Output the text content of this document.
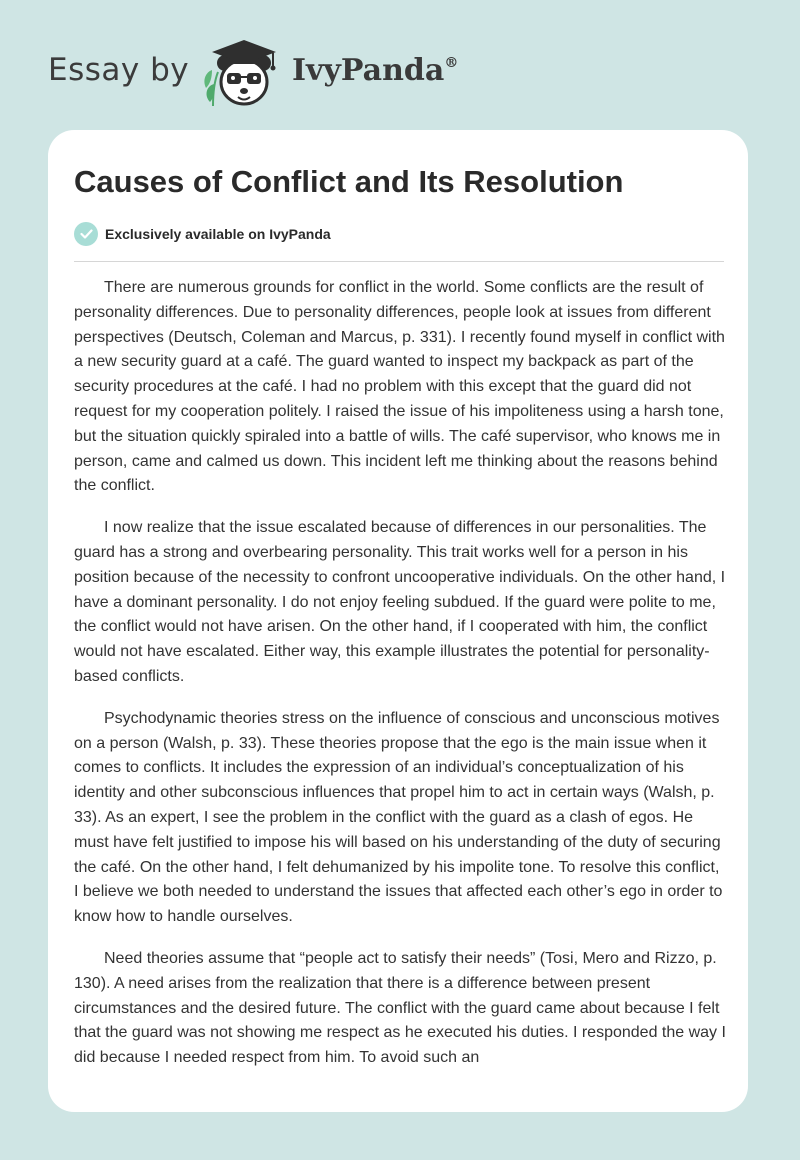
Essay by	IvyPanda®
Causes of Conflict and Its Resolution
Exclusively available on IvyPanda

There are numerous grounds for conflict in the world. Some conflicts are the result of personality differences. Due to personality differences, people look at issues from different perspectives (Deutsch, Coleman and Marcus, p. 331). I recently found myself in conflict with a new security guard at a café. The guard wanted to inspect my backpack as part of the security procedures at the café. I had no problem with this except that the guard did not request for my cooperation politely. I raised the issue of his impoliteness using a harsh tone, but the situation quickly spiraled into a battle of wills. The café supervisor, who knows me in person, came and calmed us down. This incident left me thinking about the reasons behind the conflict.

I now realize that the issue escalated because of differences in our personalities. The guard has a strong and overbearing personality. This trait works well for a person in his position because of the necessity to confront uncooperative individuals. On the other hand, I have a dominant personality. I do not enjoy feeling subdued. If the guard were polite to me, the conflict would not have arisen. On the other hand, if I cooperated with him, the conflict would not have escalated. Either way, this example illustrates the potential for personality-based conflicts.

Psychodynamic theories stress on the influence of conscious and unconscious motives on a person (Walsh, p. 33). These theories propose that the ego is the main issue when it comes to conflicts. It includes the expression of an individual’s conceptualization of his identity and other subconscious influences that propel him to act in certain ways (Walsh, p. 33). As an expert, I see the problem in the conflict with the guard as a clash of egos. He must have felt justified to impose his will based on his understanding of the duty of securing the café. On the other hand, I felt dehumanized by his impolite tone. To resolve this conflict, I believe we both needed to understand the issues that affected each other’s ego in order to know how to handle ourselves.

Need theories assume that “people act to satisfy their needs” (Tosi, Mero and Rizzo, p. 130). A need arises from the realization that there is a difference between present circumstances and the desired future. The conflict with the guard came about because I felt that the guard was not showing me respect as he executed his duties. I responded the way I did because I needed respect from him. To avoid such an
